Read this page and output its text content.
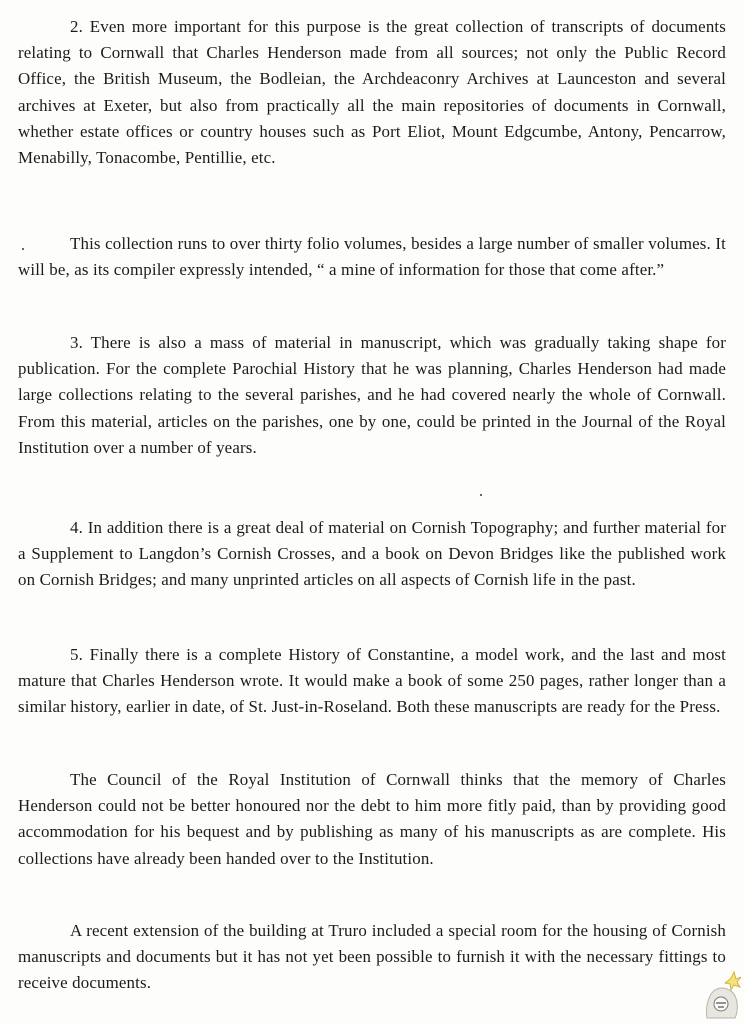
2. Even more important for this purpose is the great collection of transcripts of documents relating to Cornwall that Charles Henderson made from all sources; not only the Public Record Office, the British Museum, the Bodleian, the Archdeaconry Archives at Launceston and several archives at Exeter, but also from practically all the main repositories of documents in Cornwall, whether estate offices or country houses such as Port Eliot, Mount Edgcumbe, Antony, Pencarrow, Menabilly, Tonacombe, Pentillie, etc.

This collection runs to over thirty folio volumes, besides a large number of smaller volumes. It will be, as its compiler expressly intended, “ a mine of information for those that come after.”

3. There is also a mass of material in manuscript, which was gradually taking shape for publication. For the complete Parochial History that he was planning, Charles Henderson had made large collections relating to the several parishes, and he had covered nearly the whole of Cornwall. From this material, articles on the parishes, one by one, could be printed in the Journal of the Royal Institution over a number of years.

4. In addition there is a great deal of material on Cornish Topography; and further material for a Supplement to Langdon’s Cornish Crosses, and a book on Devon Bridges like the published work on Cornish Bridges; and many unprinted articles on all aspects of Cornish life in the past.

5. Finally there is a complete History of Constantine, a model work, and the last and most mature that Charles Henderson wrote. It would make a book of some 250 pages, rather longer than a similar history, earlier in date, of St. Just-in-Roseland. Both these manuscripts are ready for the Press.

The Council of the Royal Institution of Cornwall thinks that the memory of Charles Henderson could not be better honoured nor the debt to him more fitly paid, than by providing good accommodation for his bequest and by publishing as many of his manuscripts as are complete. His collections have already been handed over to the Institution.

A recent extension of the building at Truro included a special room for the housing of Cornish manuscripts and documents but it has not yet been possible to furnish it with the necessary fittings to receive documents.
